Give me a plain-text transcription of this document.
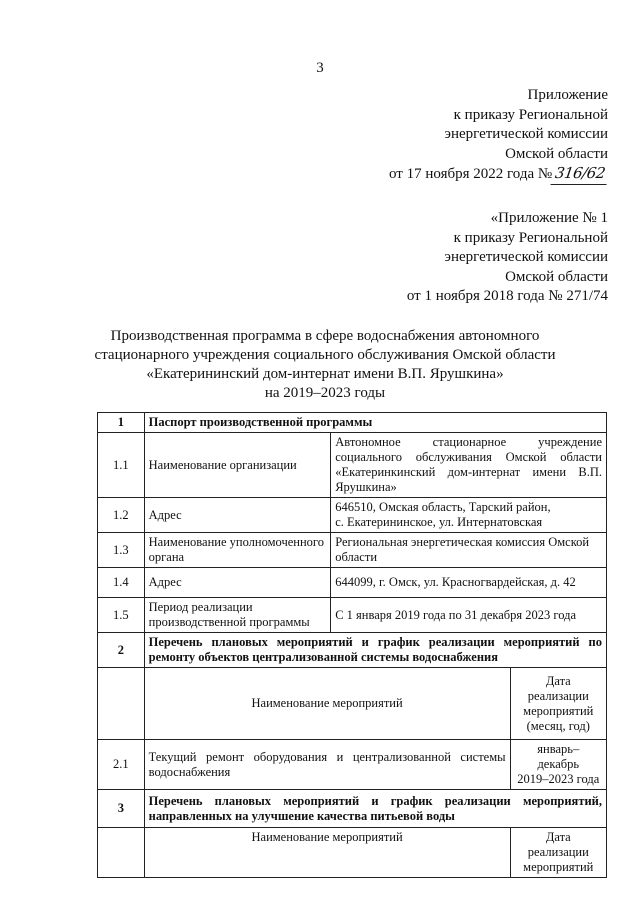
3
Приложение
к приказу Региональной
энергетической комиссии
Омской области
от 17 ноября 2022 года № 316/62
«Приложение № 1
к приказу Региональной
энергетической комиссии
Омской области
от 1 ноября 2018 года № 271/74
Производственная программа в сфере водоснабжения автономного
стационарного учреждения социального обслуживания Омской области
«Екатерининский дом-интернат имени В.П. Ярушкина»
на 2019–2023 годы
1	Паспорт производственной программы		
1.1	Наименование организации	Автономное стационарное учреждение социального обслуживания Омской области «Екатеринкинский дом-интернат имени В.П. Ярушкина»	
1.2	Адрес	646510, Омская область, Тарский район,
с. Екатерининское, ул. Интернатовская	

1.3	Наименование уполномоченного органа	Региональная энергетическая комиссия Омской области	
1.4	Адрес	644099, г. Омск, ул. Красногвардейская, д. 42	
1.5	Период реализации производственной программы	С 1 января 2019 года по 31 декабря 2023 года	
2	Перечень плановых мероприятий и график реализации мероприятий по ремонту объектов централизованной системы водоснабжения		
	Наименование мероприятий		Дата реализации мероприятий (месяц, год)
2.1	Текущий ремонт оборудования и централизованной системы водоснабжения		январь–
декабрь
2019–2023 года

3	Перечень плановых мероприятий и график реализации мероприятий, направленных на улучшение качества питьевой воды		
	Наименование мероприятий		Дата реализации мероприятий
